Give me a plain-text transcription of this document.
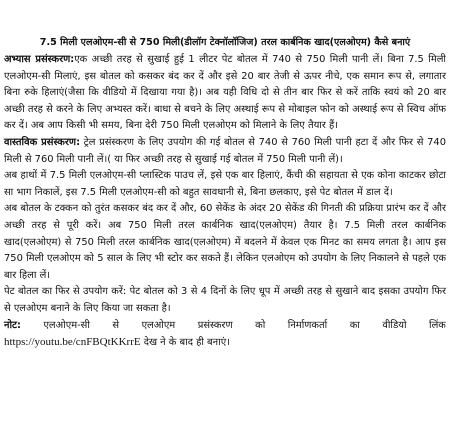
7.5 मिली एलओएम-सी से 750 मिली(डीलॉग टेक्नॉलॉजिज) तरल कार्बनिक खाद(एलओएम) कैसे बनाएं

अभ्यास प्रसंस्करण:एक अच्छी तरह से सुखाई हुई 1 लीटर पेट बोतल में 740 से 750 मिली पानी लें। बिना 7.5 मिली एलओएम-सी मिलाएं, इस बोतल को कसकर बंद कर दें और इसे 20 बार तेजी से ऊपर नीचे, एक समान रूप से, लगातार बिना रुके हिलाएं(जैसा कि वीडियो में दिखाया गया है)। अब यही विधि दो से तीन बार फिर से करें ताकि स्वयं को 20 बार अच्छी तरह से करने के लिए अभ्यस्त करें। बाधा से बचने के लिए अस्थाई रूप से मोबाइल फोन को अस्थाई रूप से स्विच ऑफ कर दें। अब आप किसी भी समय, बिना देरी 750 मिली एलओएम को मिलाने के लिए तैयार हैं।

वास्तविक प्रसंस्करण: ट्रेल प्रसंस्करण के लिए उपयोग की गई बोतल से 740 से 760 मिली पानी हटा दें और फिर से 740 मिली से 760 मिली पानी लें।( या फिर अच्छी तरह से सुखाई गई बोतल में 750 मिली पानी लें)।

अब हाथों में 7.5 मिली एलओएम-सी प्लास्टिक पाउच लें, इसे एक बार हिलाएं, कैंची की सहायता से एक कोना काटकर छोटा सा भाग निकालें, इस 7.5 मिली एलओएम-सी को बहुत सावधानी से, बिना छलकाए, इसे पेट बोतल में डाल दें।

अब बोतल के टक्कन को तुरंत कसकर बंद कर दें और, 60 सेकेंड के अंदर 20 सेकेंड की गिनती की प्रक्रिया प्रारंभ कर दें और अच्छी तरह से पूरी करें। अब 750 मिली तरल कार्बनिक खाद(एलओएम) तैयार है। 7.5 मिली तरल कार्बनिक खाद(एलओएम) से 750 मिली तरल कार्बनिक खाद(एलओएम) में बदलने में केवल एक मिनट का समय लगता है। आप इस 750 मिली एलओएम को 5 साल के लिए भी स्टोर कर सकते हैं। लेकिन एलओएम को उपयोग के लिए निकालने से पहले एक बार हिला लें।

प‌ेट बोतल का फिर से उपयोग करें: पेट बोतल को 3 से 4 दिनों के लिए धूप में अच्छी तरह से सुखाने बाद इसका उपयोग फिर से एलओएम बनाने के लिए किया जा सकता है।

नोट: एलओएम-सी से एलओएम प्रसंस्करण को निर्माणकर्ता का वीडियो लिंक
https://youtu.be/cnFBQtKKrrE देख ने के बाद ही बनाएं।
